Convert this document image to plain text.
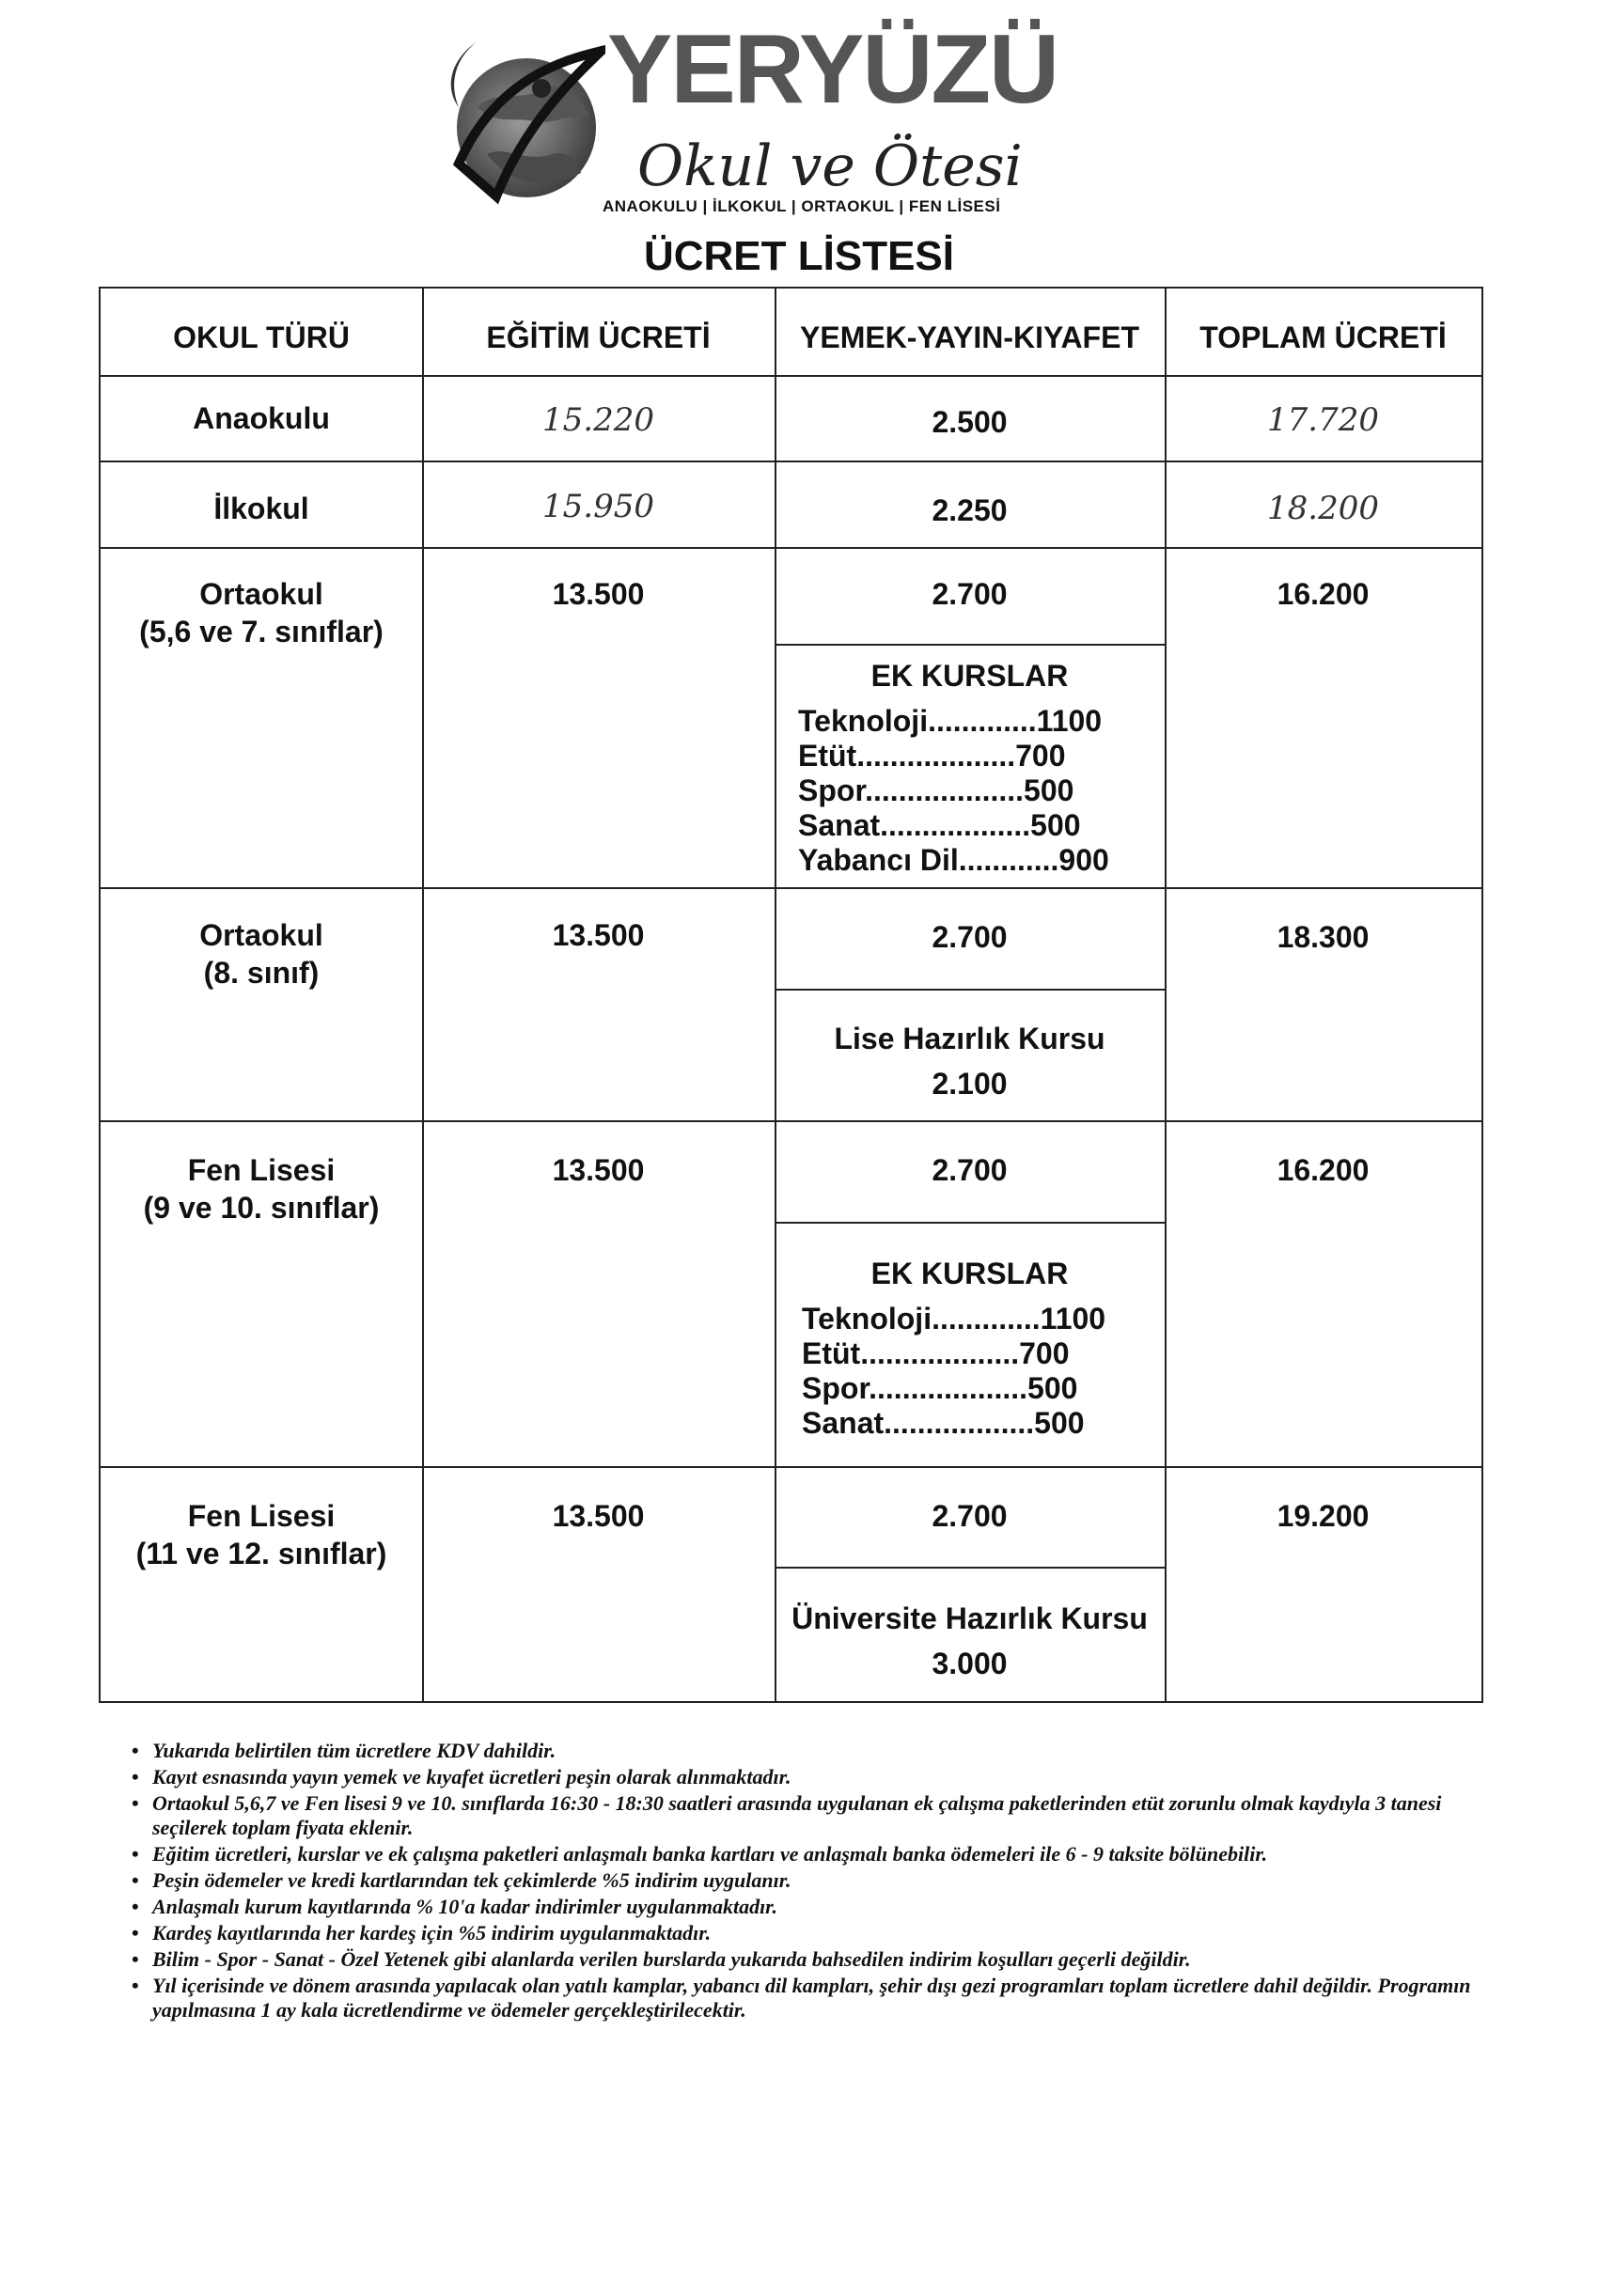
YERYÜZÜ
Okul ve Ötesi
ANAOKULU | İLKOKUL | ORTAOKUL | FEN LİSESİ
ÜCRET LİSTESİ
OKUL TÜRÜ	EĞİTİM ÜCRETİ	YEMEK-YAYIN-KIYAFET	TOPLAM ÜCRETİ
Anaokulu	15.220	2.500	17.720
İlkokul	15.950	2.250	18.200
Ortaokul
(5,6 ve 7. sınıflar)
13.500	2.700	16.200
EK KURSLAR
Teknoloji.............1100
Etüt...................700
Spor...................500
Sanat..................500
Yabancı Dil............900
Ortaokul
(8. sınıf)
13.500	2.700	18.300
Lise Hazırlık Kursu
2.100
Fen Lisesi
(9 ve 10. sınıflar)
13.500	2.700	16.200
EK KURSLAR
Teknoloji.............1100
Etüt...................700
Spor...................500
Sanat..................500
Fen Lisesi
(11 ve 12. sınıflar)
13.500	2.700	19.200
Üniversite Hazırlık Kursu
3.000
• Yukarıda belirtilen tüm ücretlere KDV dahildir.
• Kayıt esnasında yayın yemek ve kıyafet ücretleri peşin olarak alınmaktadır.
• Ortaokul 5,6,7 ve Fen lisesi 9 ve 10. sınıflarda 16:30 - 18:30 saatleri arasında uygulanan ek çalışma paketlerinden etüt zorunlu olmak kaydıyla 3 tanesi seçilerek toplam fiyata eklenir.
• Eğitim ücretleri, kurslar ve ek çalışma paketleri anlaşmalı banka kartları ve anlaşmalı banka ödemeleri ile 6 - 9 taksite bölünebilir.
• Peşin ödemeler ve kredi kartlarından tek çekimlerde %5 indirim uygulanır.
• Anlaşmalı kurum kayıtlarında % 10'a kadar indirimler uygulanmaktadır.
• Kardeş kayıtlarında her kardeş için %5 indirim uygulanmaktadır.
• Bilim - Spor - Sanat - Özel Yetenek gibi alanlarda verilen burslarda yukarıda bahsedilen indirim koşulları geçerli değildir.
• Yıl içerisinde ve dönem arasında yapılacak olan yatılı kamplar, yabancı dil kampları, şehir dışı gezi programları toplam ücretlere dahil değildir. Programın yapılmasına 1 ay kala ücretlendirme ve ödemeler gerçekleştirilecektir.
